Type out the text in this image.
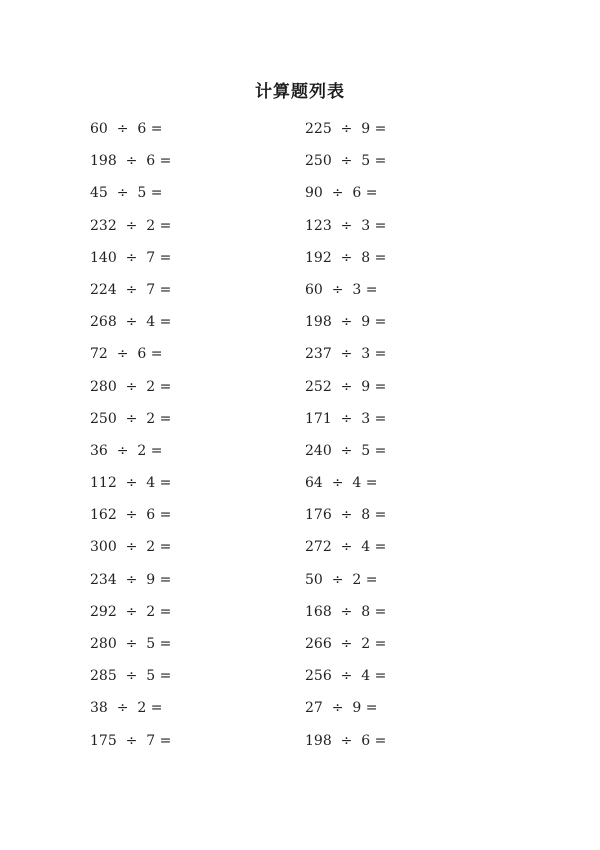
计算题列表
60  ÷  6 =
198  ÷  6 =
45  ÷  5 =
232  ÷  2 =
140  ÷  7 =
224  ÷  7 =
268  ÷  4 =
72  ÷  6 =
280  ÷  2 =
250  ÷  2 =
36  ÷  2 =
112  ÷  4 =
162  ÷  6 =
300  ÷  2 =
234  ÷  9 =
292  ÷  2 =
280  ÷  5 =
285  ÷  5 =
38  ÷  2 =
175  ÷  7 =
225  ÷  9 =
250  ÷  5 =
90  ÷  6 =
123  ÷  3 =
192  ÷  8 =
60  ÷  3 =
198  ÷  9 =
237  ÷  3 =
252  ÷  9 =
171  ÷  3 =
240  ÷  5 =
64  ÷  4 =
176  ÷  8 =
272  ÷  4 =
50  ÷  2 =
168  ÷  8 =
266  ÷  2 =
256  ÷  4 =
27  ÷  9 =
198  ÷  6 =
